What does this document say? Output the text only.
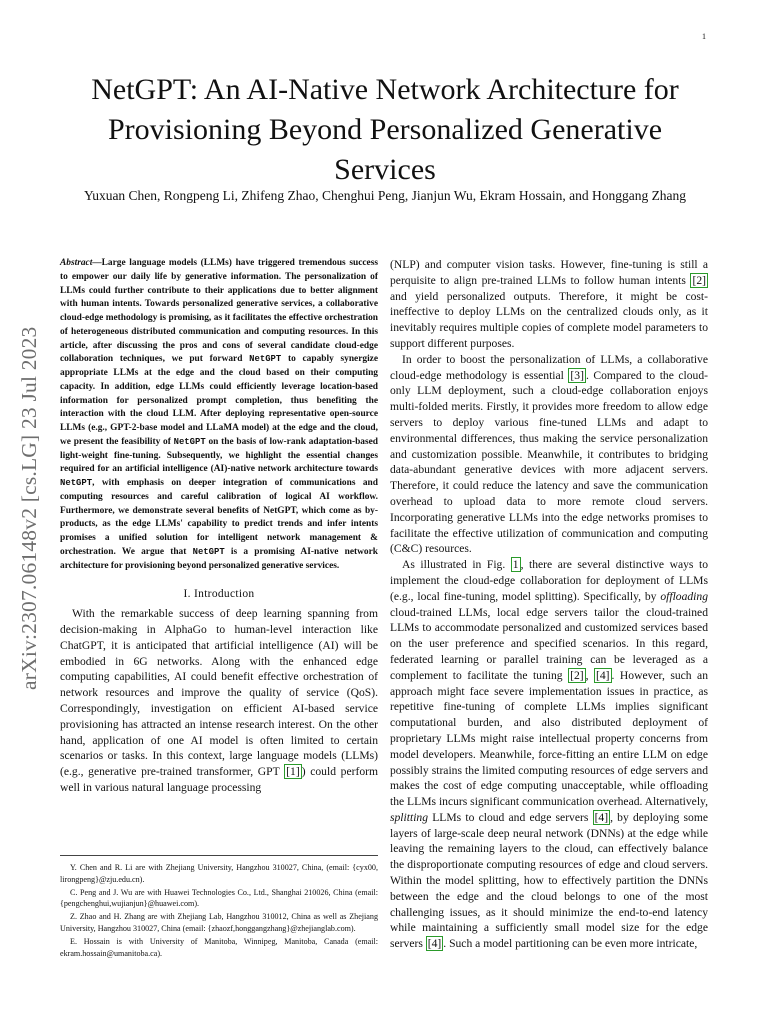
1
arXiv:2307.06148v2 [cs.LG] 23 Jul 2023
NetGPT: An AI-Native Network Architecture for Provisioning Beyond Personalized Generative Services
Yuxuan Chen, Rongpeng Li, Zhifeng Zhao, Chenghui Peng, Jianjun Wu, Ekram Hossain, and Honggang Zhang

Abstract—Large language models (LLMs) have triggered tremendous success to empower our daily life by generative information. The personalization of LLMs could further contribute to their applications due to better alignment with human intents. Towards personalized generative services, a collaborative cloud-edge methodology is promising, as it facilitates the effective orchestration of heterogeneous distributed communication and computing resources. In this article, after discussing the pros and cons of several candidate cloud-edge collaboration techniques, we put forward NetGPT to capably synergize appropriate LLMs at the edge and the cloud based on their computing capacity. In addition, edge LLMs could efficiently leverage location-based information for personalized prompt completion, thus benefiting the interaction with the cloud LLM. After deploying representative open-source LLMs (e.g., GPT-2-base model and LLaMA model) at the edge and the cloud, we present the feasibility of NetGPT on the basis of low-rank adaptation-based light-weight fine-tuning. Subsequently, we highlight the essential changes required for an artificial intelligence (AI)-native network architecture towards NetGPT, with emphasis on deeper integration of communications and computing resources and careful calibration of logical AI workflow. Furthermore, we demonstrate several benefits of NetGPT, which come as by-products, as the edge LLMs' capability to predict trends and infer intents promises a unified solution for intelligent network management & orchestration. We argue that NetGPT is a promising AI-native network architecture for provisioning beyond personalized generative services.

I. Introduction

With the remarkable success of deep learning spanning from decision-making in AlphaGo to human-level interaction like ChatGPT, it is anticipated that artificial intelligence (AI) will be embodied in 6G networks. Along with the enhanced edge computing capabilities, AI could benefit effective orchestration of network resources and improve the quality of service (QoS). Correspondingly, investigation on efficient AI-based service provisioning has attracted an intense research interest. On the other hand, application of one AI model is often limited to certain scenarios or tasks. In this context, large language models (LLMs) (e.g., generative pre-trained transformer, GPT [1] ) could perform well in various natural language processing

Y. Chen and R. Li are with Zhejiang University, Hangzhou 310027, China, (email: {cyx00, lirongpeng}@zju.edu.cn).

C. Peng and J. Wu are with Huawei Technologies Co., Ltd., Shanghai 210026, China (email: {pengchenghui,wujianjun}@huawei.com).

Z. Zhao and H. Zhang are with Zhejiang Lab, Hangzhou 310012, China as well as Zhejiang University, Hangzhou 310027, China (email: {zhaozf,honggangzhang}@zhejianglab.com).

E. Hossain is with University of Manitoba, Winnipeg, Manitoba, Canada (email: ekram.hossain@umanitoba.ca).

(NLP) and computer vision tasks. However, fine-tuning is still a perquisite to align pre-trained LLMs to follow human intents [2] and yield personalized outputs. Therefore, it might be cost-ineffective to deploy LLMs on the centralized clouds only, as it inevitably requires multiple copies of complete model parameters to support different purposes.

In order to boost the personalization of LLMs, a collaborative cloud-edge methodology is essential [3] . Compared to the cloud-only LLM deployment, such a cloud-edge collaboration enjoys multi-folded merits. Firstly, it provides more freedom to allow edge servers to deploy various fine-tuned LLMs and adapt to environmental differences, thus making the service personalization and customization possible. Meanwhile, it contributes to bridging data-abundant generative devices with more adjacent servers. Therefore, it could reduce the latency and save the communication overhead to upload data to more remote cloud servers. Incorporating generative LLMs into the edge networks promises to facilitate the effective utilization of communication and computing (C&C) resources.

As illustrated in Fig. 1 , there are several distinctive ways to implement the cloud-edge collaboration for deployment of LLMs (e.g., local fine-tuning, model splitting). Specifically, by offloading cloud-trained LLMs, local edge servers tailor the cloud-trained LLMs to accommodate personalized and customized services based on the user preference and specified scenarios. In this regard, federated learning or parallel training can be leveraged as a complement to facilitate the tuning [2] , [4] . However, such an approach might face severe implementation issues in practice, as repetitive fine-tuning of complete LLMs implies significant computational burden, and also distributed deployment of proprietary LLMs might raise intellectual property concerns from model developers. Meanwhile, force-fitting an entire LLM on edge possibly strains the limited computing resources of edge servers and makes the cost of edge computing unacceptable, while offloading the LLMs incurs significant communication overhead. Alternatively, splitting LLMs to cloud and edge servers [4] , by deploying some layers of large-scale deep neural network (DNNs) at the edge while leaving the remaining layers to the cloud, can effectively balance the disproportionate computing resources of edge and cloud servers. Within the model splitting, how to effectively partition the DNNs between the edge and the cloud belongs to one of the most challenging issues, as it should minimize the end-to-end latency while maintaining a sufficiently small model size for the edge servers [4] . Such a model partitioning can be even more intricate,
